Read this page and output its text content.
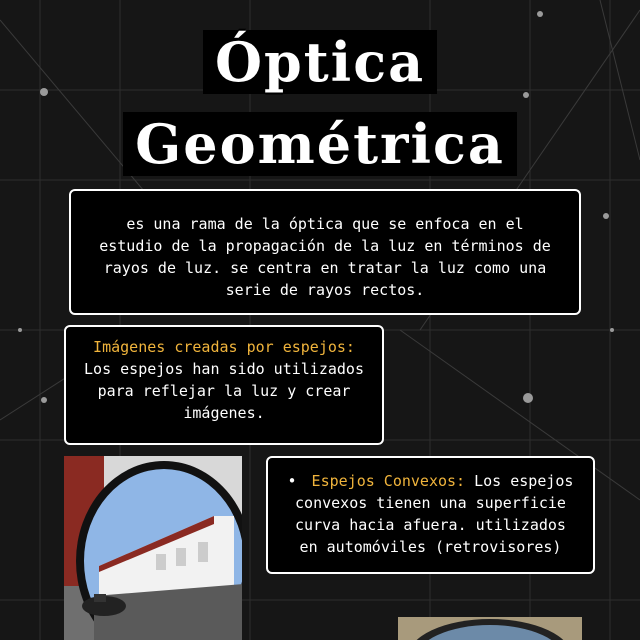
Óptica
Geométrica
es una rama de la óptica que se enfoca en el estudio de la propagación de la luz en términos de rayos de luz. se centra en tratar la luz como una serie de rayos rectos.
Imágenes creadas por espejos:
Los espejos han sido utilizados para reflejar la luz y crear imágenes.
• Espejos Convexos: Los espejos convexos tienen una superficie curva hacia afuera. utilizados en automóviles (retrovisores)
